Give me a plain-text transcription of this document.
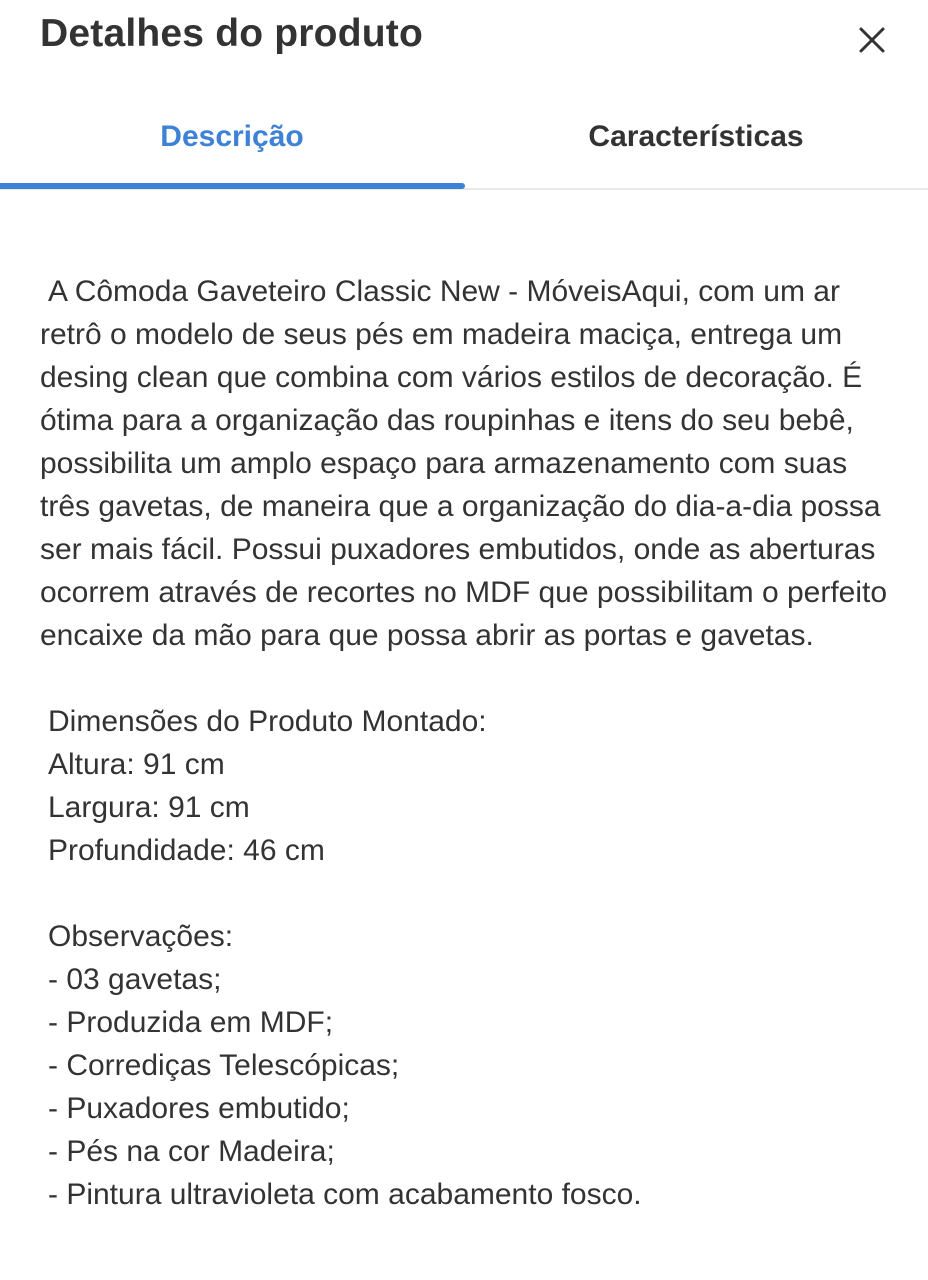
Detalhes do produto
Descrição	Características

A Cômoda Gaveteiro Classic New - MóveisAqui, com um ar retrô o modelo de seus pés em madeira maciça, entrega um desing clean que combina com vários estilos de decoração. É ótima para a organização das roupinhas e itens do seu bebê, possibilita um amplo espaço para armazenamento com suas três gavetas, de maneira que a organização do dia-a-dia possa ser mais fácil. Possui puxadores embutidos, onde as aberturas ocorrem através de recortes no MDF que possibilitam o perfeito encaixe da mão para que possa abrir as portas e gavetas.

Dimensões do Produto Montado:
Altura: 91 cm
Largura: 91 cm
Profundidade: 46 cm
Observações:
- 03 gavetas;
- Produzida em MDF;
- Corrediças Telescópicas;
- Puxadores embutido;
- Pés na cor Madeira;
- Pintura ultravioleta com acabamento fosco.
